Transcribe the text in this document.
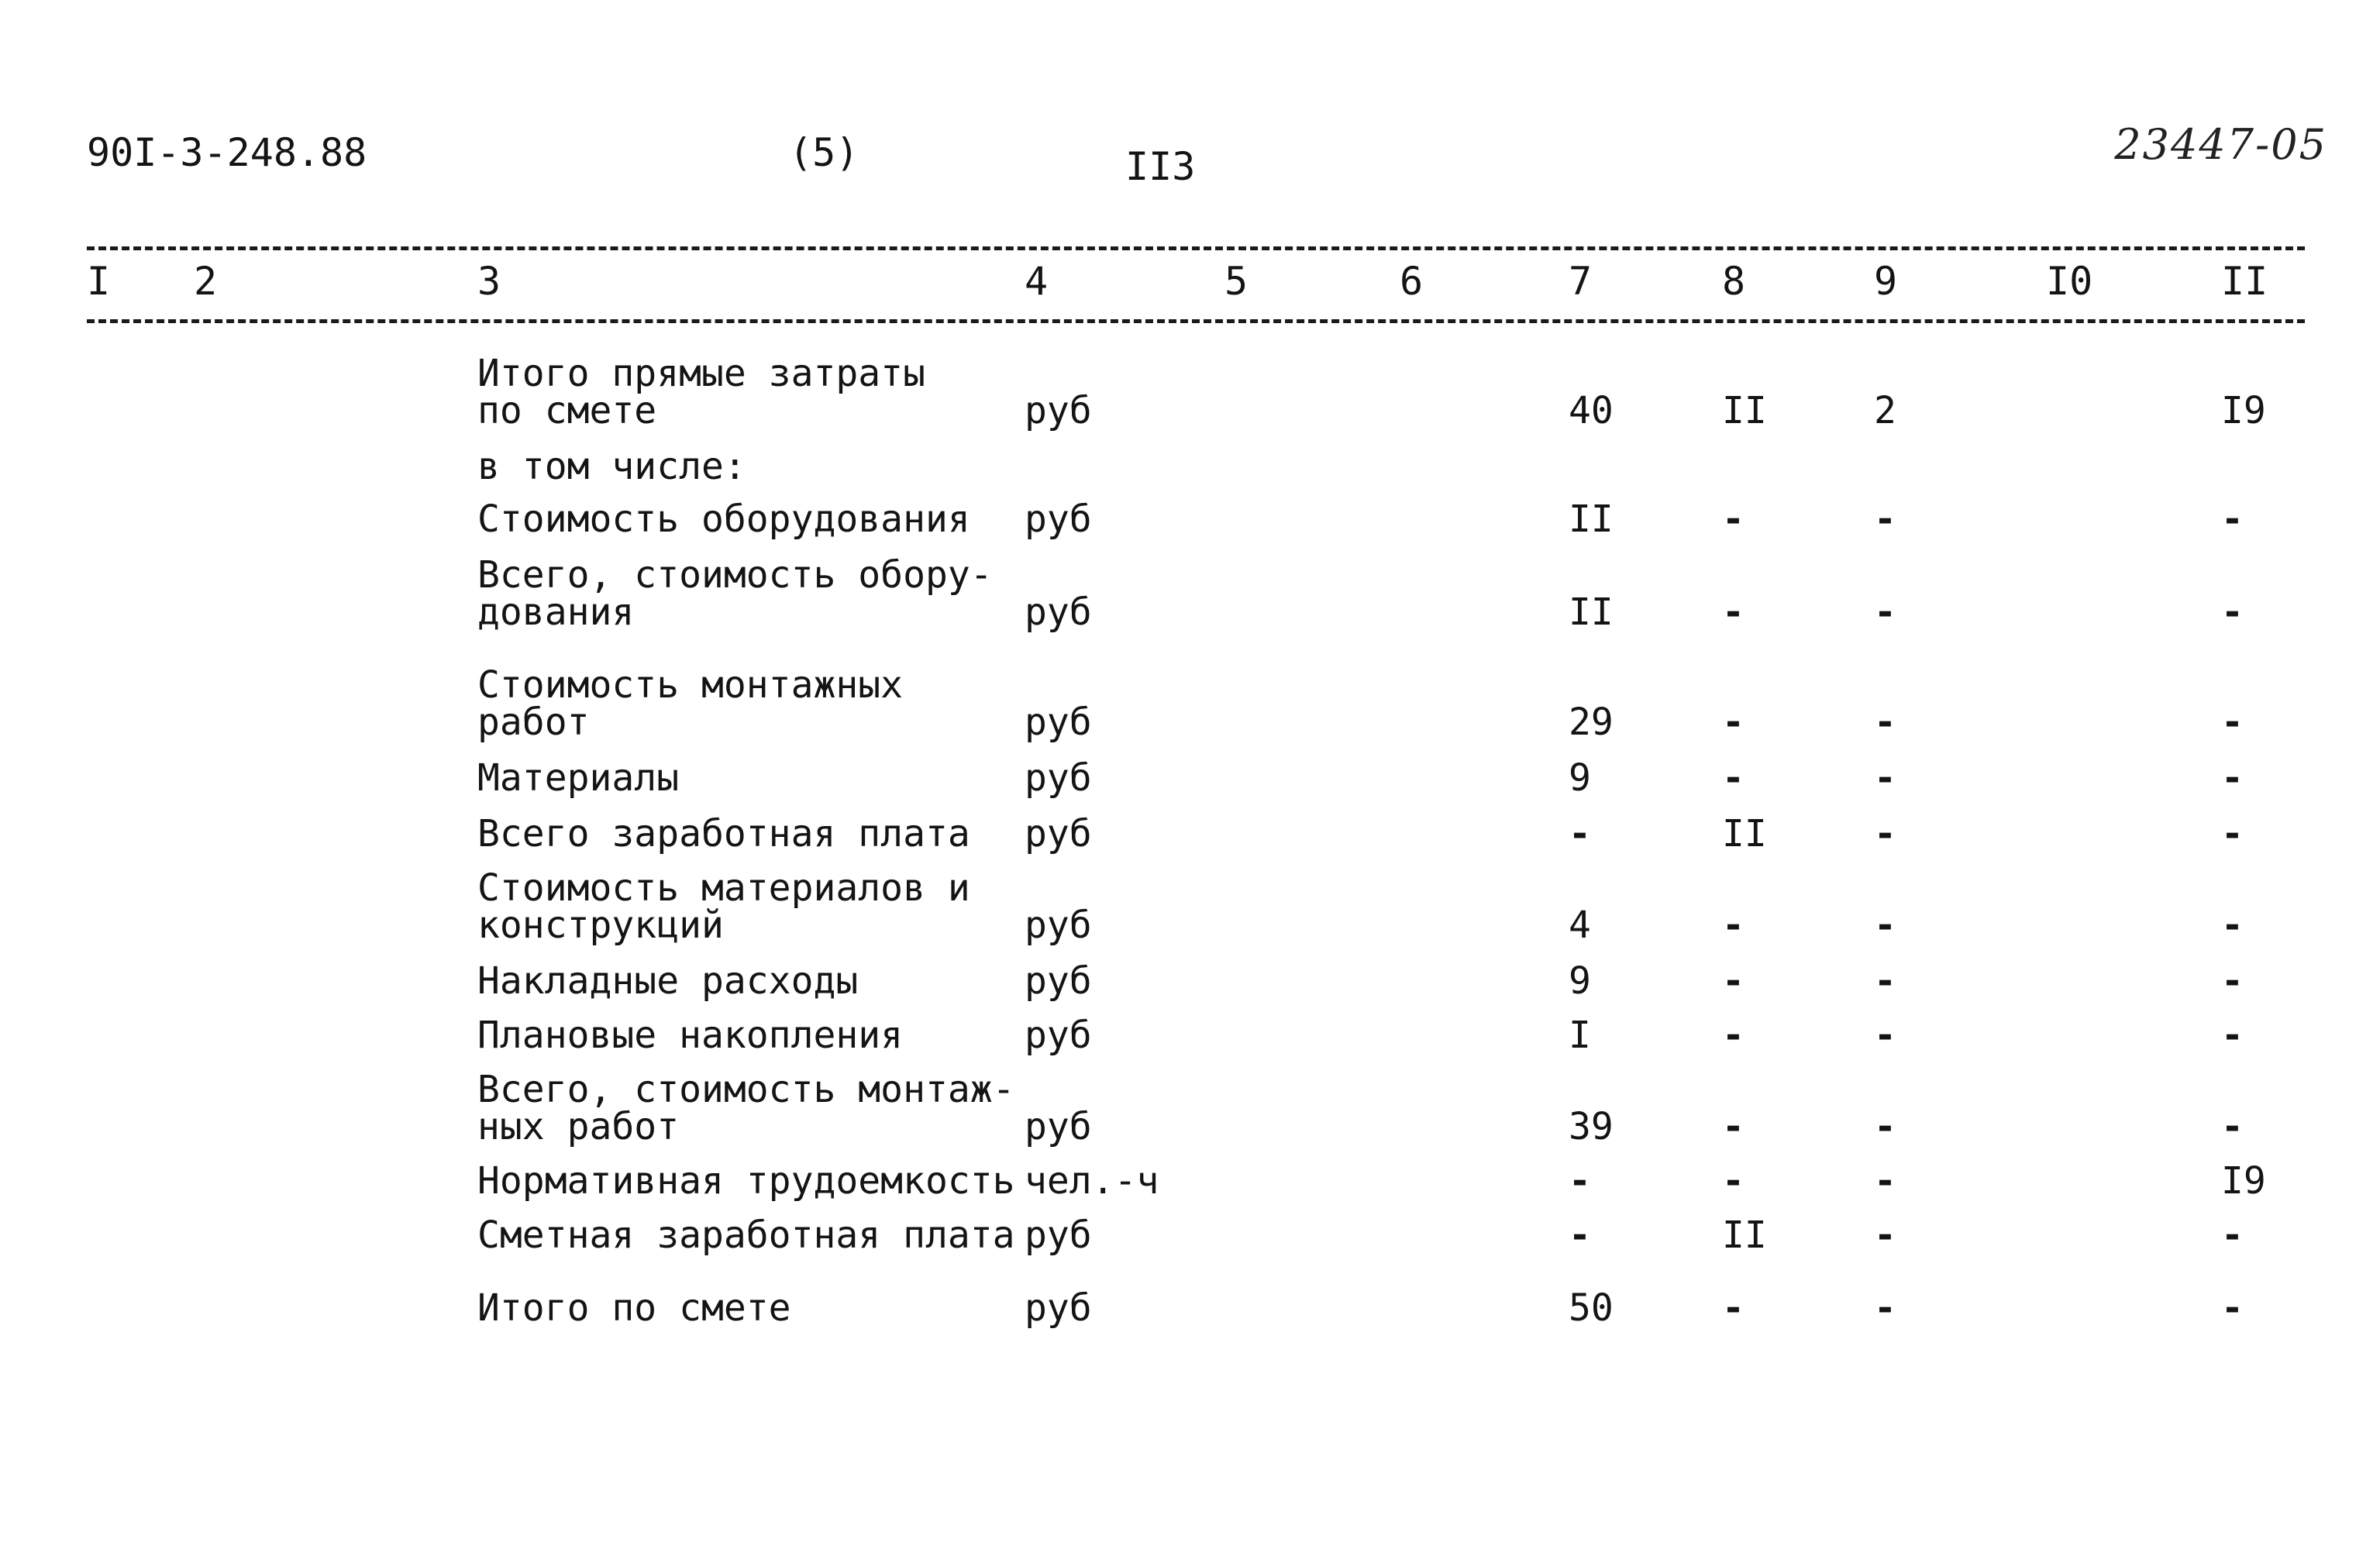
90I-3-248.88	(5)	II3	23447-05
I 2	3	4	5	6	7	8	9	I0	II
Итого прямые затраты
по смете	руб	40	II	2	I9
в том числе:
Стоимость оборудования руб	II	-	-	-
Всего, стоимость обору-
дования	руб	II	-	-	-
Стоимость монтажных
работ	руб	29	-	-	-
Материалы	руб	9	-	-	-
Всего заработная плата руб	-	II	-	-
Стоимость материалов и
конструкций	руб	4	-	-	-
Накладные расходы	руб	9	-	-	-
Плановые накопления	руб	I	-	-	-
Всего, стоимость монтаж-
ных работ	руб	39	-	-	-
Нормативная трудоемкость чел.-ч	-	-	-	I9
Сметная заработная плата руб	-	II	-	-
Итого по смете	руб	50	-	-	-
